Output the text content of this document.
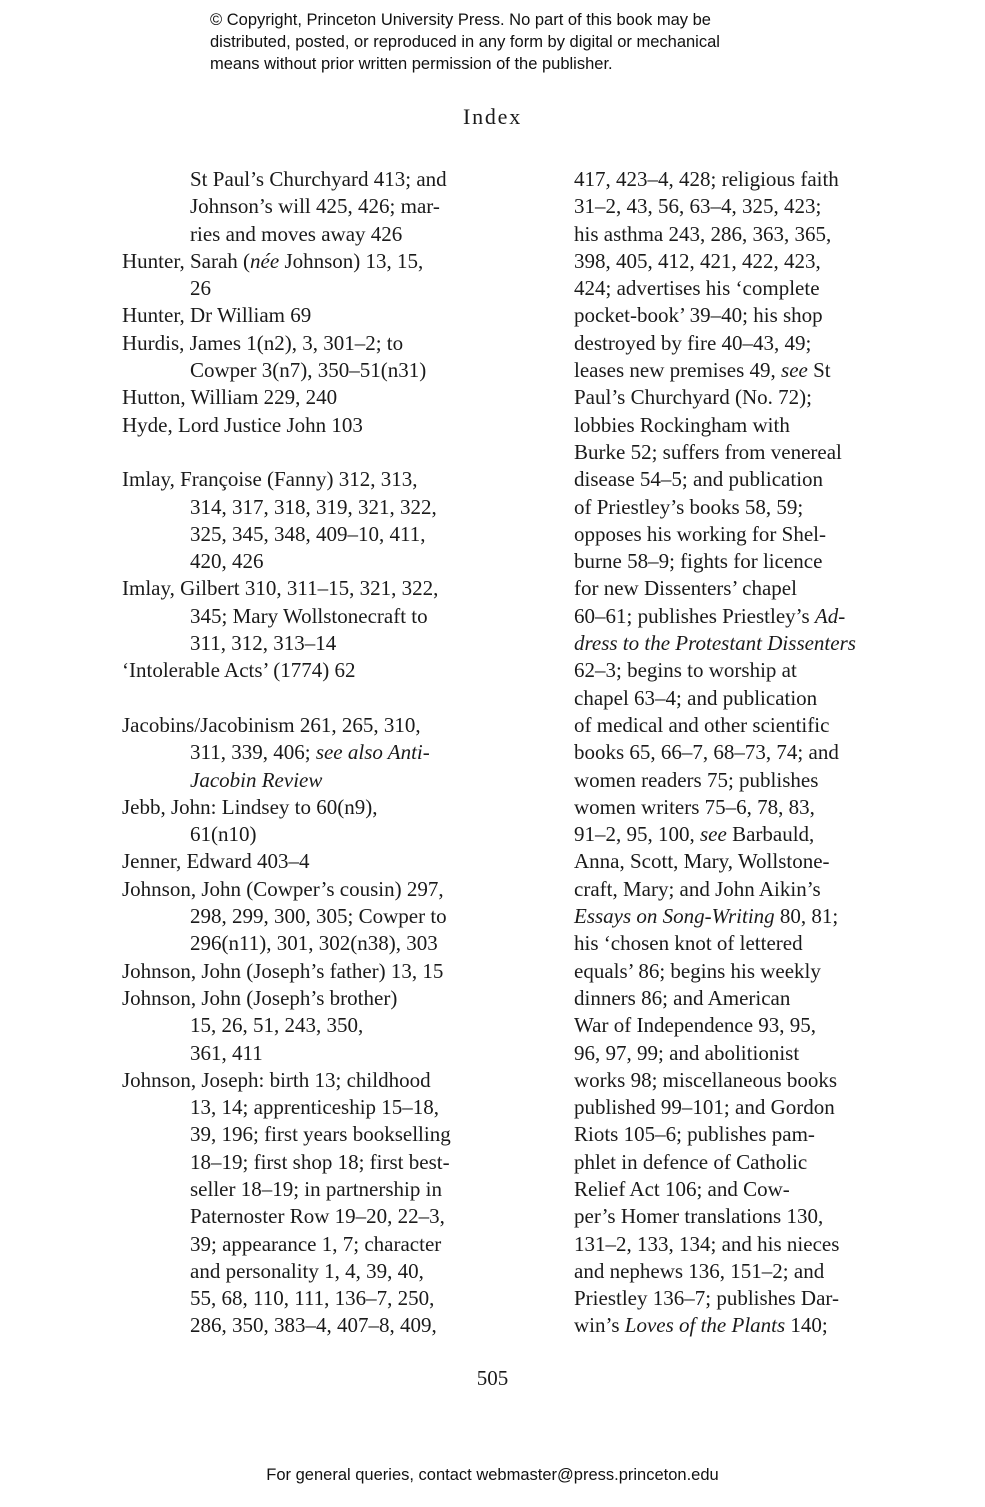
© Copyright, Princeton University Press. No part of this book may be
distributed, posted, or reproduced in any form by digital or mechanical
means without prior written permission of the publisher.
Index
St Paul’s Churchyard 413; and
Johnson’s will 425, 426; mar-
ries and moves away 426
Hunter, Sarah (née Johnson) 13, 15,
26
Hunter, Dr William 69
Hurdis, James 1(n2), 3, 301–2; to
Cowper 3(n7), 350–51(n31)
Hutton, William 229, 240
Hyde, Lord Justice John 103
Imlay, Françoise (Fanny) 312, 313,
314, 317, 318, 319, 321, 322,
325, 345, 348, 409–10, 411,
420, 426
Imlay, Gilbert 310, 311–15, 321, 322,
345; Mary Wollstonecraft to
311, 312, 313–14
‘Intolerable Acts’ (1774) 62
Jacobins/Jacobinism 261, 265, 310,
311, 339, 406; see also Anti-
Jacobin Review
Jebb, John: Lindsey to 60(n9),
61(n10)
Jenner, Edward 403–4
Johnson, John (Cowper’s cousin) 297,
298, 299, 300, 305; Cowper to
296(n11), 301, 302(n38), 303
Johnson, John (Joseph’s father) 13, 15
Johnson, John (Joseph’s brother)
15, 26, 51, 243, 350,
361, 411
Johnson, Joseph: birth 13; childhood
13, 14; apprenticeship 15–18,
39, 196; first years bookselling
18–19; first shop 18; first best-
seller 18–19; in partnership in
Paternoster Row 19–20, 22–3,
39; appearance 1, 7; character
and personality 1, 4, 39, 40,
55, 68, 110, 111, 136–7, 250,
286, 350, 383–4, 407–8, 409,
417, 423–4, 428; religious faith
31–2, 43, 56, 63–4, 325, 423;
his asthma 243, 286, 363, 365,
398, 405, 412, 421, 422, 423,
424; advertises his ‘complete
pocket-book’ 39–40; his shop
destroyed by fire 40–43, 49;
leases new premises 49, see St
Paul’s Churchyard (No. 72);
lobbies Rockingham with
Burke 52; suffers from venereal
disease 54–5; and publication
of Priestley’s books 58, 59;
opposes his working for Shel-
burne 58–9; fights for licence
for new Dissenters’ chapel
60–61; publishes Priestley’s Ad-
dress to the Protestant Dissenters
62–3; begins to worship at
chapel 63–4; and publication
of medical and other scientific
books 65, 66–7, 68–73, 74; and
women readers 75; publishes
women writers 75–6, 78, 83,
91–2, 95, 100, see Barbauld,
Anna, Scott, Mary, Wollstone-
craft, Mary; and John Aikin’s
Essays on Song-Writing 80, 81;
his ‘chosen knot of lettered
equals’ 86; begins his weekly
dinners 86; and American
War of Independence 93, 95,
96, 97, 99; and abolitionist
works 98; miscellaneous books
published 99–101; and Gordon
Riots 105–6; publishes pam-
phlet in defence of Catholic
Relief Act 106; and Cow-
per’s Homer translations 130,
131–2, 133, 134; and his nieces
and nephews 136, 151–2; and
Priestley 136–7; publishes Dar-
win’s Loves of the Plants 140;
505
For general queries, contact webmaster@press.princeton.edu
